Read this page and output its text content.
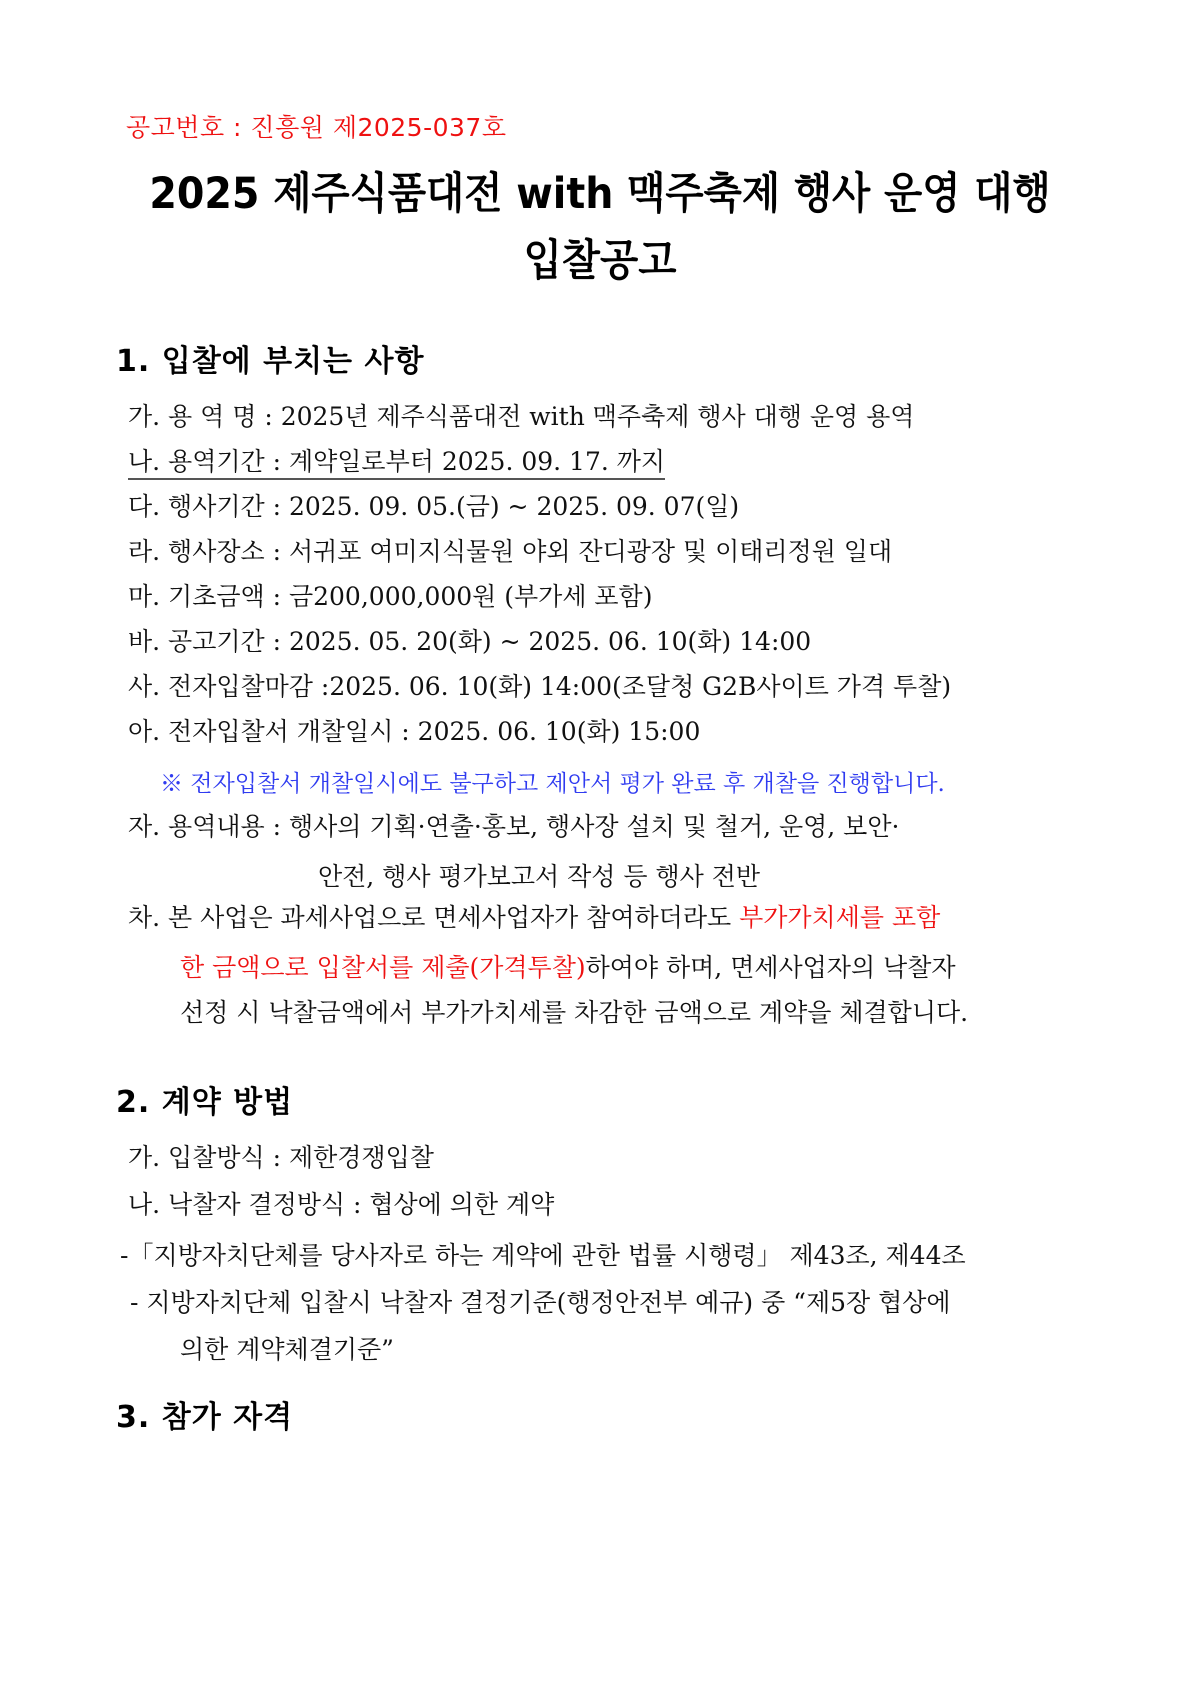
공고번호 : 진흥원 제2025-037호
2025 제주식품대전 with 맥주축제 행사 운영 대행
입찰공고
1. 입찰에 부치는 사항
가. 용 역 명 : 2025년 제주식품대전 with 맥주축제 행사 대행 운영 용역
나. 용역기간 : 계약일로부터 2025. 09. 17. 까지
다. 행사기간 : 2025. 09. 05.(금) ~ 2025. 09. 07(일)
라. 행사장소 : 서귀포 여미지식물원 야외 잔디광장 및 이태리정원 일대
마. 기초금액 : 금200,000,000원 (부가세 포함)
바. 공고기간 : 2025. 05. 20(화) ~ 2025. 06. 10(화) 14:00
사. 전자입찰마감 :2025. 06. 10(화) 14:00(조달청 G2B사이트 가격 투찰)
아. 전자입찰서 개찰일시 : 2025. 06. 10(화) 15:00
※ 전자입찰서 개찰일시에도 불구하고 제안서 평가 완료 후 개찰을 진행합니다.
자. 용역내용 : 행사의 기획·연출·홍보, 행사장 설치 및 철거, 운영, 보안·
안전, 행사 평가보고서 작성 등 행사 전반
차. 본 사업은 과세사업으로 면세사업자가 참여하더라도 부가가치세를 포함
한 금액으로 입찰서를 제출(가격투찰)하여야 하며, 면세사업자의 낙찰자
선정 시 낙찰금액에서 부가가치세를 차감한 금액으로 계약을 체결합니다.
2. 계약 방법
가. 입찰방식 : 제한경쟁입찰
나. 낙찰자 결정방식 : 협상에 의한 계약
-「지방자치단체를 당사자로 하는 계약에 관한 법률 시행령」 제43조, 제44조
- 지방자치단체 입찰시 낙찰자 결정기준(행정안전부 예규) 중 “제5장 협상에
의한 계약체결기준”
3. 참가 자격
